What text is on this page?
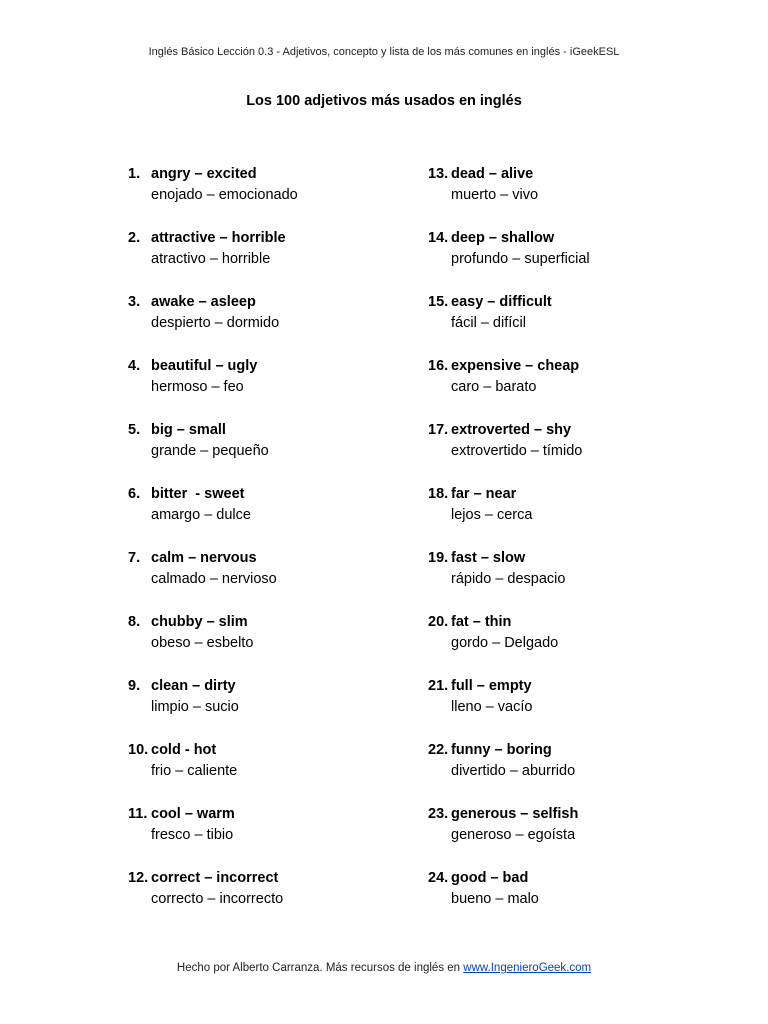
Inglés Básico Lección 0.3 - Adjetivos, concepto y lista de los más comunes en inglés - iGeekESL
Los 100 adjetivos más usados en inglés
1. angry – excited
enojado – emocionado
2. attractive – horrible
atractivo – horrible
3. awake – asleep
despierto – dormido
4. beautiful – ugly
hermoso – feo
5. big – small
grande – pequeño
6. bitter  - sweet
amargo – dulce
7. calm – nervous
calmado – nervioso
8. chubby – slim
obeso – esbelto
9. clean – dirty
limpio – sucio
10. cold - hot
frio – caliente
11. cool – warm
fresco – tibio
12. correct – incorrect
correcto – incorrecto
13. dead – alive
muerto – vivo
14. deep – shallow
profundo – superficial
15. easy – difficult
fácil – difícil
16. expensive – cheap
caro – barato
17. extroverted – shy
extrovertido – tímido
18. far – near
lejos – cerca
19. fast – slow
rápido – despacio
20. fat – thin
gordo – Delgado
21. full – empty
lleno – vacío
22. funny – boring
divertido – aburrido
23. generous – selfish
generoso – egoísta
24. good – bad
bueno – malo
Hecho por Alberto Carranza. Más recursos de inglés en www.IngenieroGeek.com
